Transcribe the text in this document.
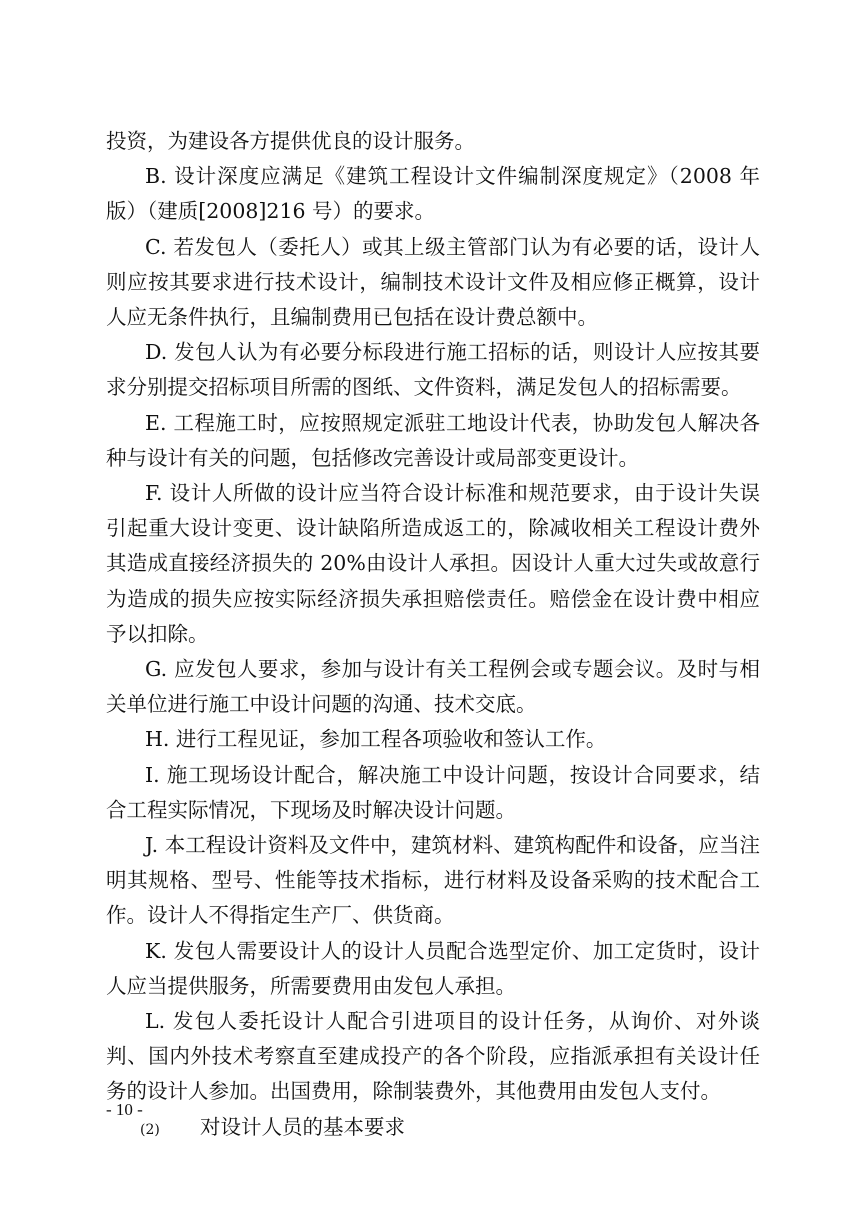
投资，为建设各方提供优良的设计服务。

B. 设计深度应满足《建筑工程设计文件编制深度规定》（2008 年版）（建质[2008]216 号）的要求。

C. 若发包人（委托人）或其上级主管部门认为有必要的话，设计人则应按其要求进行技术设计，编制技术设计文件及相应修正概算，设计人应无条件执行，且编制费用已包括在设计费总额中。

D. 发包人认为有必要分标段进行施工招标的话，则设计人应按其要求分别提交招标项目所需的图纸、文件资料，满足发包人的招标需要。

E. 工程施工时，应按照规定派驻工地设计代表，协助发包人解决各种与设计有关的问题，包括修改完善设计或局部变更设计。

F. 设计人所做的设计应当符合设计标准和规范要求，由于设计失误引起重大设计变更、设计缺陷所造成返工的，除减收相关工程设计费外其造成直接经济损失的 20%由设计人承担。因设计人重大过失或故意行为造成的损失应按实际经济损失承担赔偿责任。赔偿金在设计费中相应予以扣除。

G. 应发包人要求，参加与设计有关工程例会或专题会议。及时与相关单位进行施工中设计问题的沟通、技术交底。

H. 进行工程见证，参加工程各项验收和签认工作。

I. 施工现场设计配合，解决施工中设计问题，按设计合同要求，结合工程实际情况，下现场及时解决设计问题。

J. 本工程设计资料及文件中，建筑材料、建筑构配件和设备，应当注明其规格、型号、性能等技术指标，进行材料及设备采购的技术配合工作。设计人不得指定生产厂、供货商。

K. 发包人需要设计人的设计人员配合选型定价、加工定货时，设计人应当提供服务，所需要费用由发包人承担。

L. 发包人委托设计人配合引进项目的设计任务，从询价、对外谈判、国内外技术考察直至建成投产的各个阶段，应指派承担有关设计任务的设计人参加。出国费用，除制装费外，其他费用由发包人支付。

(2)	对设计人员的基本要求

- 10 -
